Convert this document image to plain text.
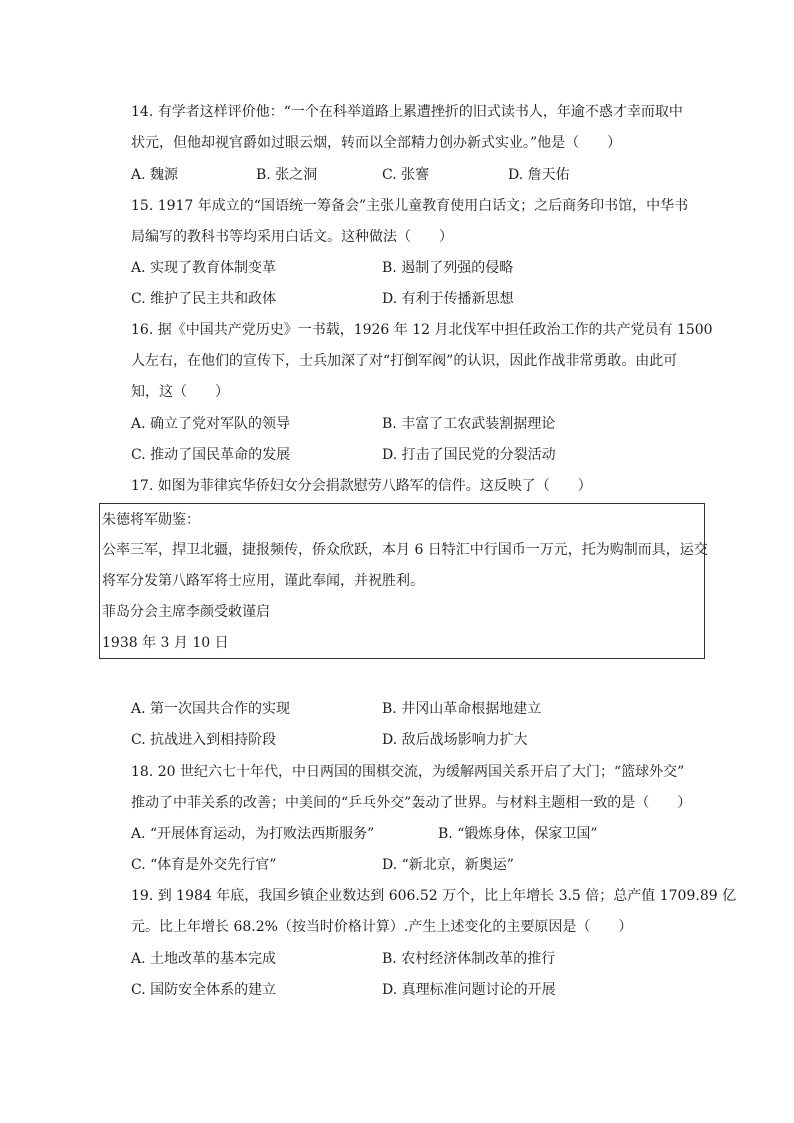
14. 有学者这样评价他：“一个在科举道路上累遭挫折的旧式读书人，年逾不惑才幸而取中
状元，但他却视官爵如过眼云烟，转而以全部精力创办新式实业。”他是（　　）
A. 魏源	B. 张之洞	C. 张謇	D. 詹天佑
15. 1917 年成立的“国语统一筹备会”主张儿童教育使用白话文；之后商务印书馆，中华书
局编写的教科书等均采用白话文。这种做法（　　）
A. 实现了教育体制变革	B. 遏制了列强的侵略
C. 维护了民主共和政体	D. 有利于传播新思想
16. 据《中国共产党历史》一书载，1926 年 12 月北伐军中担任政治工作的共产党员有 1500
人左右，在他们的宣传下，士兵加深了对“打倒军阀”的认识，因此作战非常勇敢。由此可
知，这（　　）
A. 确立了党对军队的领导	B. 丰富了工农武装割据理论
C. 推动了国民革命的发展	D. 打击了国民党的分裂活动
17. 如图为菲律宾华侨妇女分会捐款慰劳八路军的信件。这反映了（　　）
朱德将军勋鉴：
公率三军，捍卫北疆，捷报频传，侨众欣跃，本月 6 日特汇中行国币一万元，托为购制而具，运交
将军分发第八路军将士应用，谨此奉闻，并祝胜利。
菲岛分会主席李颜受敕谨启
1938 年 3 月 10 日
A. 第一次国共合作的实现	B. 井冈山革命根据地建立
C. 抗战进入到相持阶段	D. 敌后战场影响力扩大
18. 20 世纪六七十年代，中日两国的围棋交流，为缓解两国关系开启了大门；“篮球外交”
推动了中菲关系的改善；中美间的“乒乓外交”轰动了世界。与材料主题相一致的是（　　）
A. “开展体育运动，为打败法西斯服务”	B. “锻炼身体，保家卫国”
C. “体育是外交先行官”	D. “新北京，新奥运”
19. 到 1984 年底，我国乡镇企业数达到 606.52 万个，比上年增长 3.5 倍；总产值 1709.89 亿
元。比上年增长 68.2%（按当时价格计算）.产生上述变化的主要原因是（　　）
A. 土地改革的基本完成	B. 农村经济体制改革的推行
C. 国防安全体系的建立	D. 真理标准问题讨论的开展
